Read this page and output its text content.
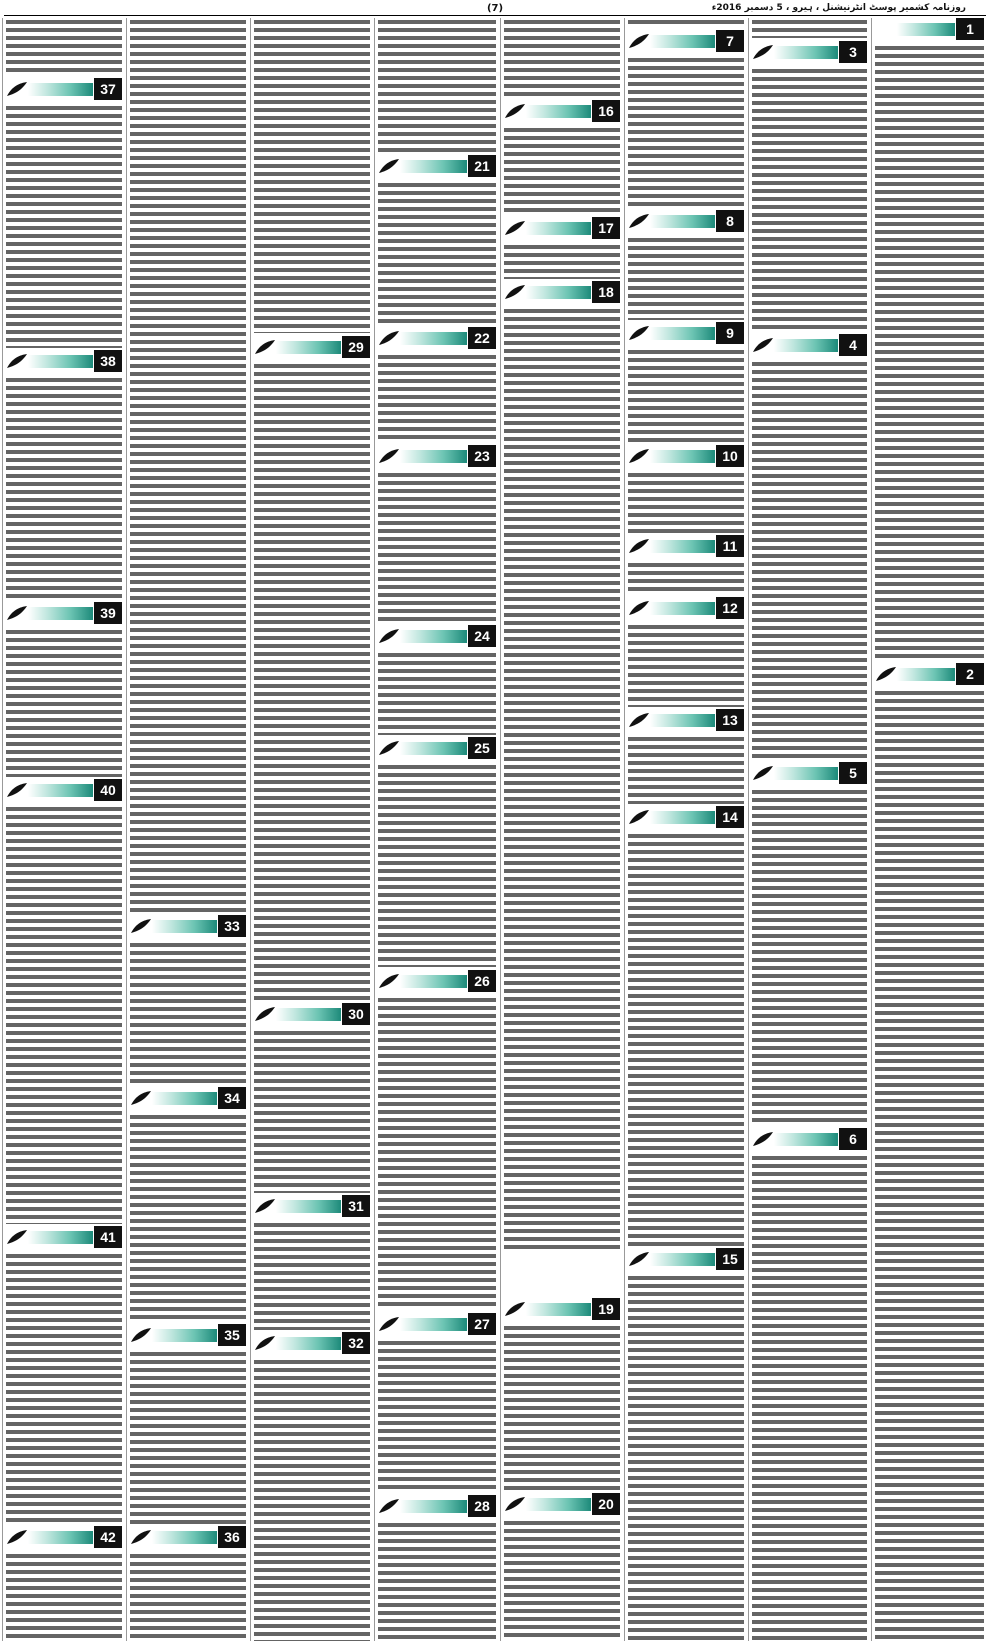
(7)	روزنامہ کشمیر پوسٹ انٹرنیشنل ، ہیرو ، 5 دسمبر 2016ء
1
2
3
4
5
6
7
8
9
10
11
12
13
14
15
16
17
18
19
20
21
22
23
24
25
26
27
28
29
30
31
32
33
34
35
36
37
38
39
40
41
42
